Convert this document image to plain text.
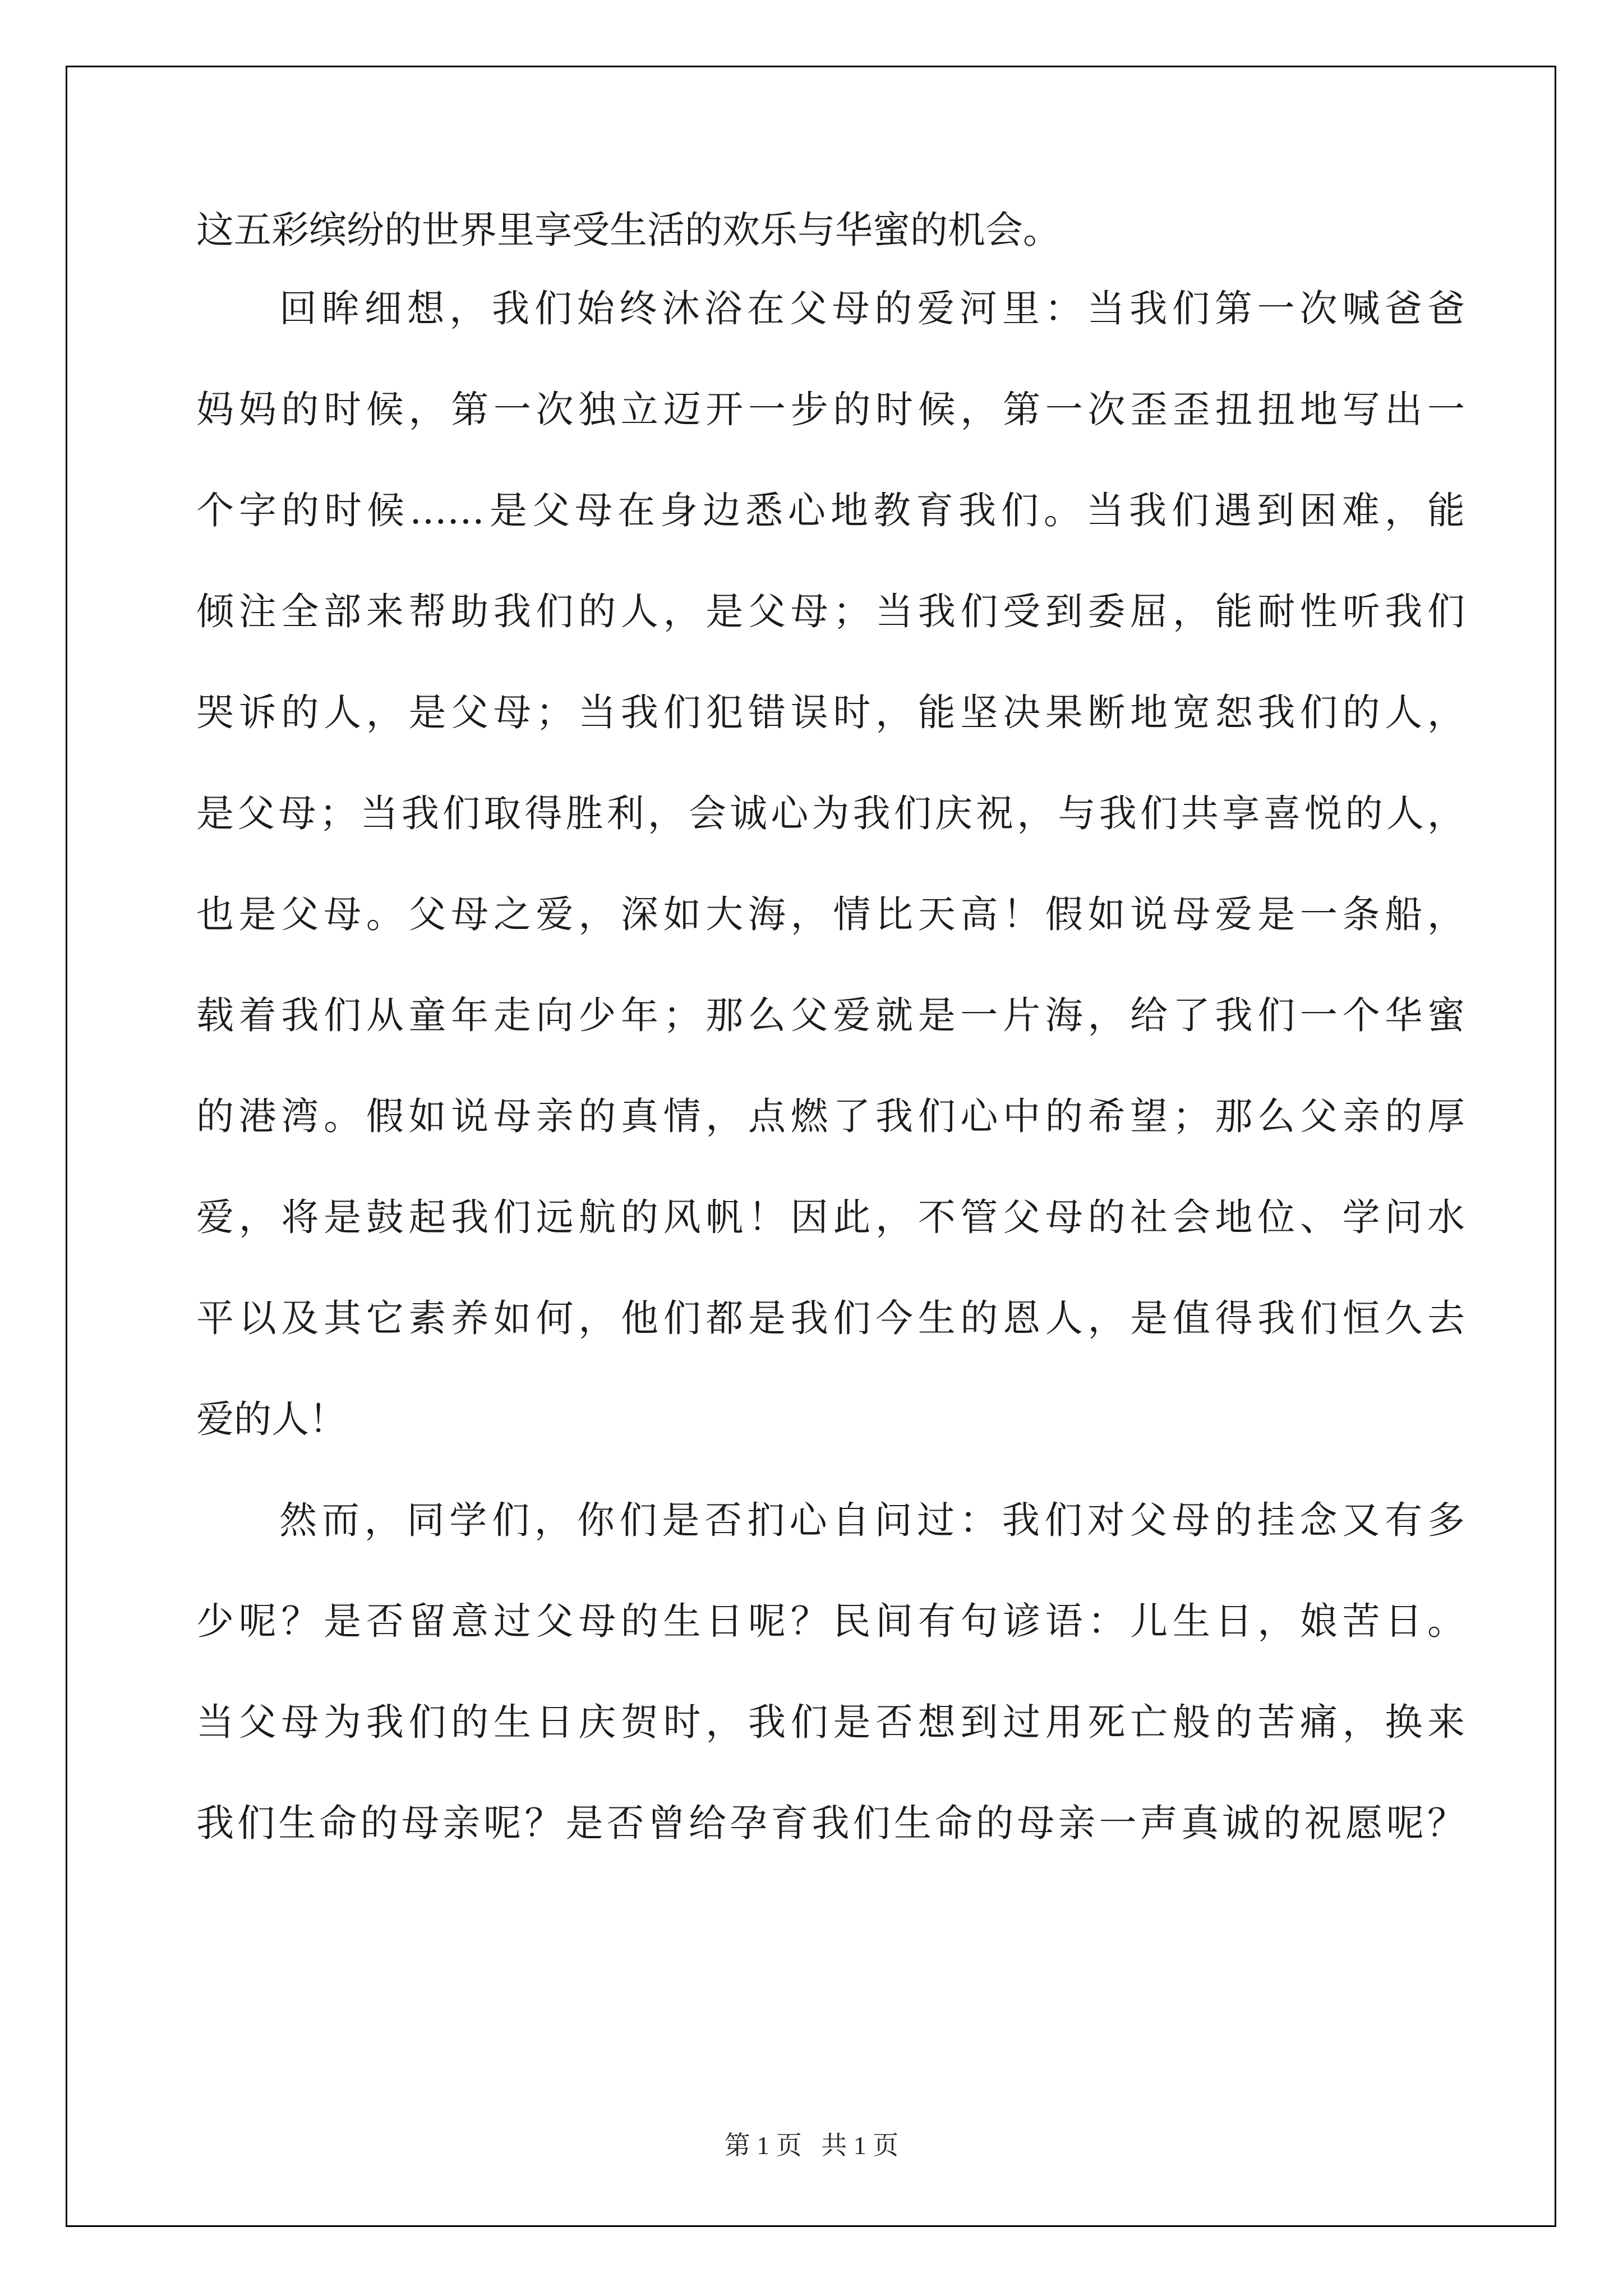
这五彩缤纷的世界里享受生活的欢乐与华蜜的机会。
回眸细想，我们始终沐浴在父母的爱河里：当我们第一次喊爸爸
妈妈的时候，第一次独立迈开一步的时候，第一次歪歪扭扭地写出一
个字的时候……是父母在身边悉心地教育我们。当我们遇到困难，能
倾注全部来帮助我们的人，是父母；当我们受到委屈，能耐性听我们
哭诉的人，是父母；当我们犯错误时，能坚决果断地宽恕我们的人，
是父母；当我们取得胜利，会诚心为我们庆祝，与我们共享喜悦的人，
也是父母。父母之爱，深如大海，情比天高！假如说母爱是一条船，
载着我们从童年走向少年；那么父爱就是一片海，给了我们一个华蜜
的港湾。假如说母亲的真情，点燃了我们心中的希望；那么父亲的厚
爱，将是鼓起我们远航的风帆！因此，不管父母的社会地位、学问水
平以及其它素养如何，他们都是我们今生的恩人，是值得我们恒久去
爱的人！
然而，同学们，你们是否扪心自问过：我们对父母的挂念又有多
少呢？是否留意过父母的生日呢？民间有句谚语：儿生日，娘苦日。
当父母为我们的生日庆贺时，我们是否想到过用死亡般的苦痛，换来
我们生命的母亲呢？是否曾给孕育我们生命的母亲一声真诚的祝愿呢？
第 1 页 共 1 页
